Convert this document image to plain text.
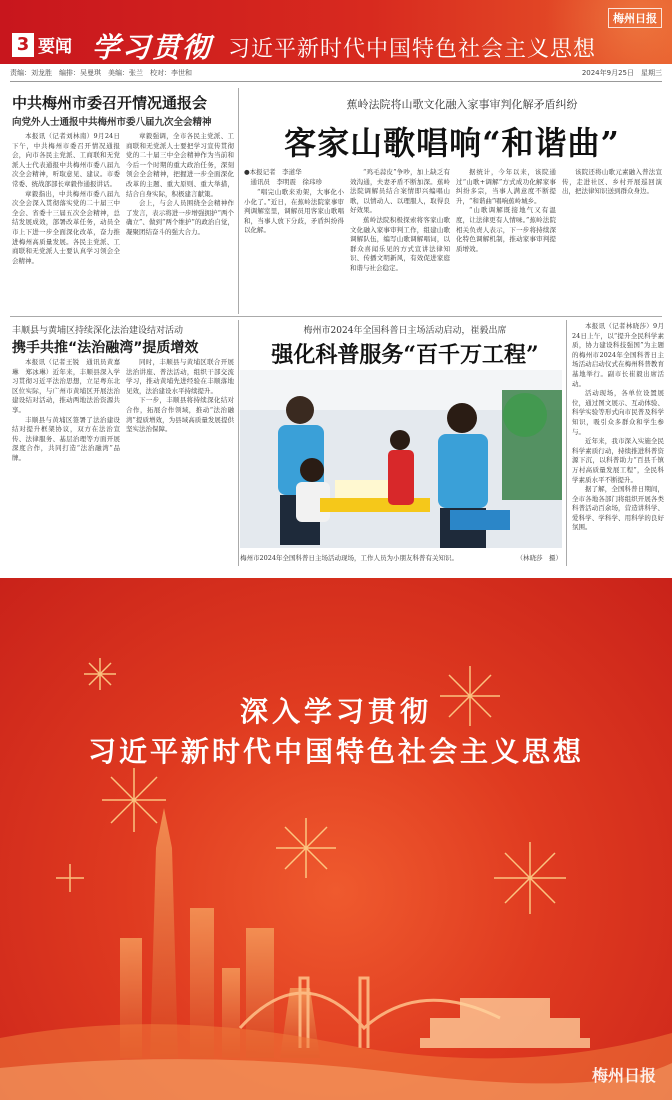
3 要闻 学习贯彻 习近平新时代中国特色社会主义思想
梅州日报
责编：刘龙胜　编排：吴曼琪　美编：张兰　校对：李世和	2024年9月25日　星期三
中共梅州市委召开情况通报会
向党外人士通报中共梅州市委八届九次全会精神

本报讯（记者刘林南）9月24日下午，中共梅州市委召开情况通报会，向市各民主党派、工商联和无党派人士代表通报中共梅州市委八届九次全会精神，听取意见、建议。市委常委、统战部部长章毅作通报讲话。

章毅指出，中共梅州市委八届九次全会深入贯彻落实党的二十届三中全会、省委十三届五次全会精神，总结发展成效，部署改革任务，动员全市上下进一步全面深化改革，奋力推进梅州高质量发展。各民主党派、工商联和无党派人士要认真学习领会全会精神。

章毅强调，全市各民主党派、工商联和无党派人士要把学习宣传贯彻党的二十届三中全会精神作为当前和今后一个时期的重大政治任务，深刻领会全会精神，把握进一步全面深化改革的主题、重大原则、重大举措，结合自身实际，积极建言献策。

会上，与会人员围绕全会精神作了发言，表示将进一步增强拥护“两个确立”、做到“两个维护”的政治自觉，凝聚团结奋斗的强大合力。

蕉岭法院将山歌文化融入家事审判化解矛盾纠纷
客家山歌唱响“和谐曲”
●本报记者　李道华
　通讯员　李明震　徐玮珍

“唱完山歌来劝架，大事化小小化了。”近日，在蕉岭法院家事审判调解室里，调解员用客家山歌唱和，当事人放下分歧，矛盾纠纷得以化解。

“鸡毛蒜皮”争吵，加上缺乏有效沟通，夫妻矛盾不断加深。蕉岭法院调解员结合案情即兴编唱山歌，以情动人、以理服人，取得良好效果。

蕉岭法院积极探索将客家山歌文化融入家事审判工作，组建山歌调解队伍，编写山歌调解唱词，以群众喜闻乐见的方式宣讲法律知识、传播文明新风，有效促进家庭和谐与社会稳定。

据统计，今年以来，该院通过“山歌+调解”方式成功化解家事纠纷多宗，当事人满意度不断提升，“和谐曲”唱响蕉岭城乡。

“山歌调解既接地气又有温度，让法律更有人情味。”蕉岭法院相关负责人表示，下一步将持续深化特色调解机制，推动家事审判提质增效。

该院还将山歌元素融入普法宣传，走进社区、乡村开展巡回演出，把法律知识送到群众身边。

丰顺县与黄埔区持续深化法治建设结对活动
携手共推“法治融湾”提质增效

本报讯（记者王锐　通讯员黄嘉琳　郑冰琳）近年来，丰顺县深入学习贯彻习近平法治思想，立足粤东北区位实际，与广州市黄埔区开展法治建设结对活动，推动两地法治资源共享。

丰顺县与黄埔区签署了法治建设结对提升框架协议，双方在法治宣传、法律服务、基层治理等方面开展深度合作，共同打造“法治融湾”品牌。

同时，丰顺县与黄埔区联合开展法治讲座、普法活动，组织干部交流学习，推动黄埔先进经验在丰顺落地见效，法治建设水平持续提升。

下一步，丰顺县将持续深化结对合作，拓展合作领域，推动“法治融湾”提质增效，为县域高质量发展提供坚实法治保障。

梅州市2024年全国科普日主场活动启动，崔毅出席
强化科普服务“百千万工程”
梅州市2024年全国科普日主场活动现场，工作人员为小朋友科普有关知识。	（林晓莎　摄）

本报讯（记者林晓莎）9月24日上午，以“提升全民科学素质，协力建设科技强国”为主题的梅州市2024年全国科普日主场活动启动仪式在梅州科普教育基地举行。副市长崔毅出席活动。

活动现场，各单位设置展位，通过图文展示、互动体验、科学实验等形式向市民普及科学知识，吸引众多群众和学生参与。

近年来，我市深入实施全民科学素质行动，持续推进科普资源下沉，以科普助力“百县千镇万村高质量发展工程”，全民科学素质水平不断提升。

据了解，全国科普日期间，全市各地各部门将组织开展各类科普活动百余场，营造讲科学、爱科学、学科学、用科学的良好氛围。

深入学习贯彻
习近平新时代中国特色社会主义思想
梅州日报
